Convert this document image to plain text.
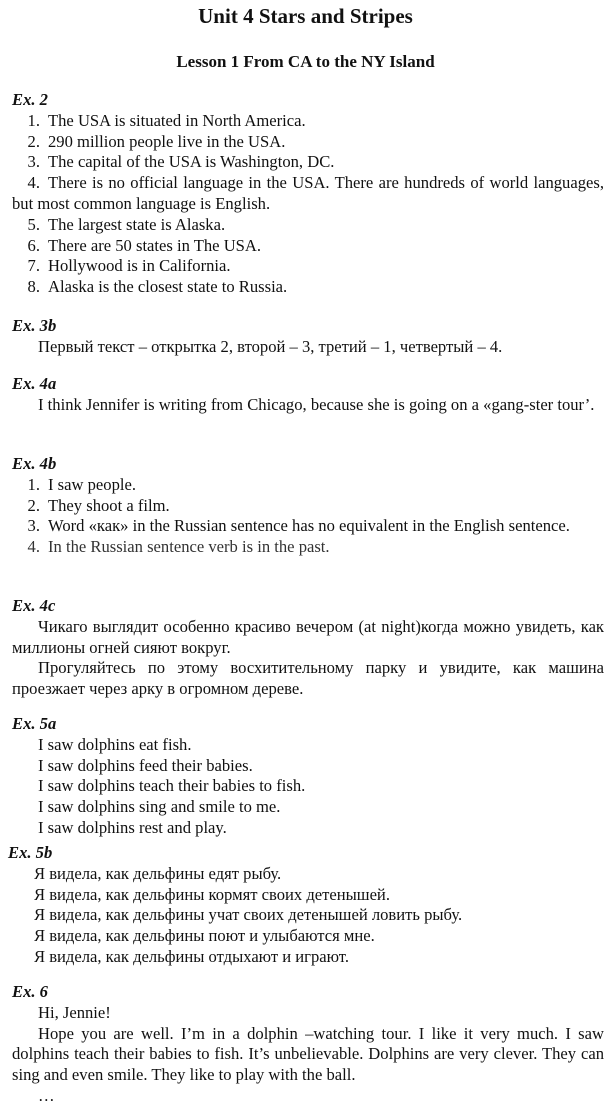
Unit 4 Stars and Stripes
Lesson 1 From CA to the NY Island

Ex. 2

1. The USA is situated in North America.

2. 290 million people live in the USA.

3. The capital of the USA is Washington, DC.

4. There is no official language in the USA. There are hundreds of world languages, but most common language is English.

5. The largest state is Alaska.

6. There are 50 states in The USA.

7. Hollywood is in California.

8. Alaska is the closest state to Russia.

Ex. 3b

Первый текст – открытка 2, второй – 3, третий – 1, четвертый – 4.

Ex. 4a

I think Jennifer is writing from Chicago, because she is going on a «gang-ster tour’.

Ex. 4b

1. I saw people.

2. They shoot a film.

3. Word «как» in the Russian sentence has no equivalent in the English sentence.

4. In the Russian sentence verb is in the past.

Ex. 4c

Чикаго выглядит особенно красиво вечером (at night)когда можно увидеть, как миллионы огней сияют вокруг.

Прогуляйтесь по этому восхитительному парку и увидите, как машина проезжает через арку в огромном дереве.

Ex. 5a

I saw dolphins eat fish.

I saw dolphins feed their babies.

I saw dolphins teach their babies to fish.

I saw dolphins sing and smile to me.

I saw dolphins rest and play.

Ex. 5b

Я видела, как дельфины едят рыбу.

Я видела, как дельфины кормят своих детенышей.

Я видела, как дельфины учат своих детенышей ловить рыбу.

Я видела, как дельфины поют и улыбаются мне.

Я видела, как дельфины отдыхают и играют.

Ex. 6

Hi, Jennie!

Hope you are well. I’m in a dolphin –watching tour. I like it very much. I saw dolphins teach their babies to fish. It’s unbelievable. Dolphins are very clever. They can sing and even smile. They like to play with the ball.

…
